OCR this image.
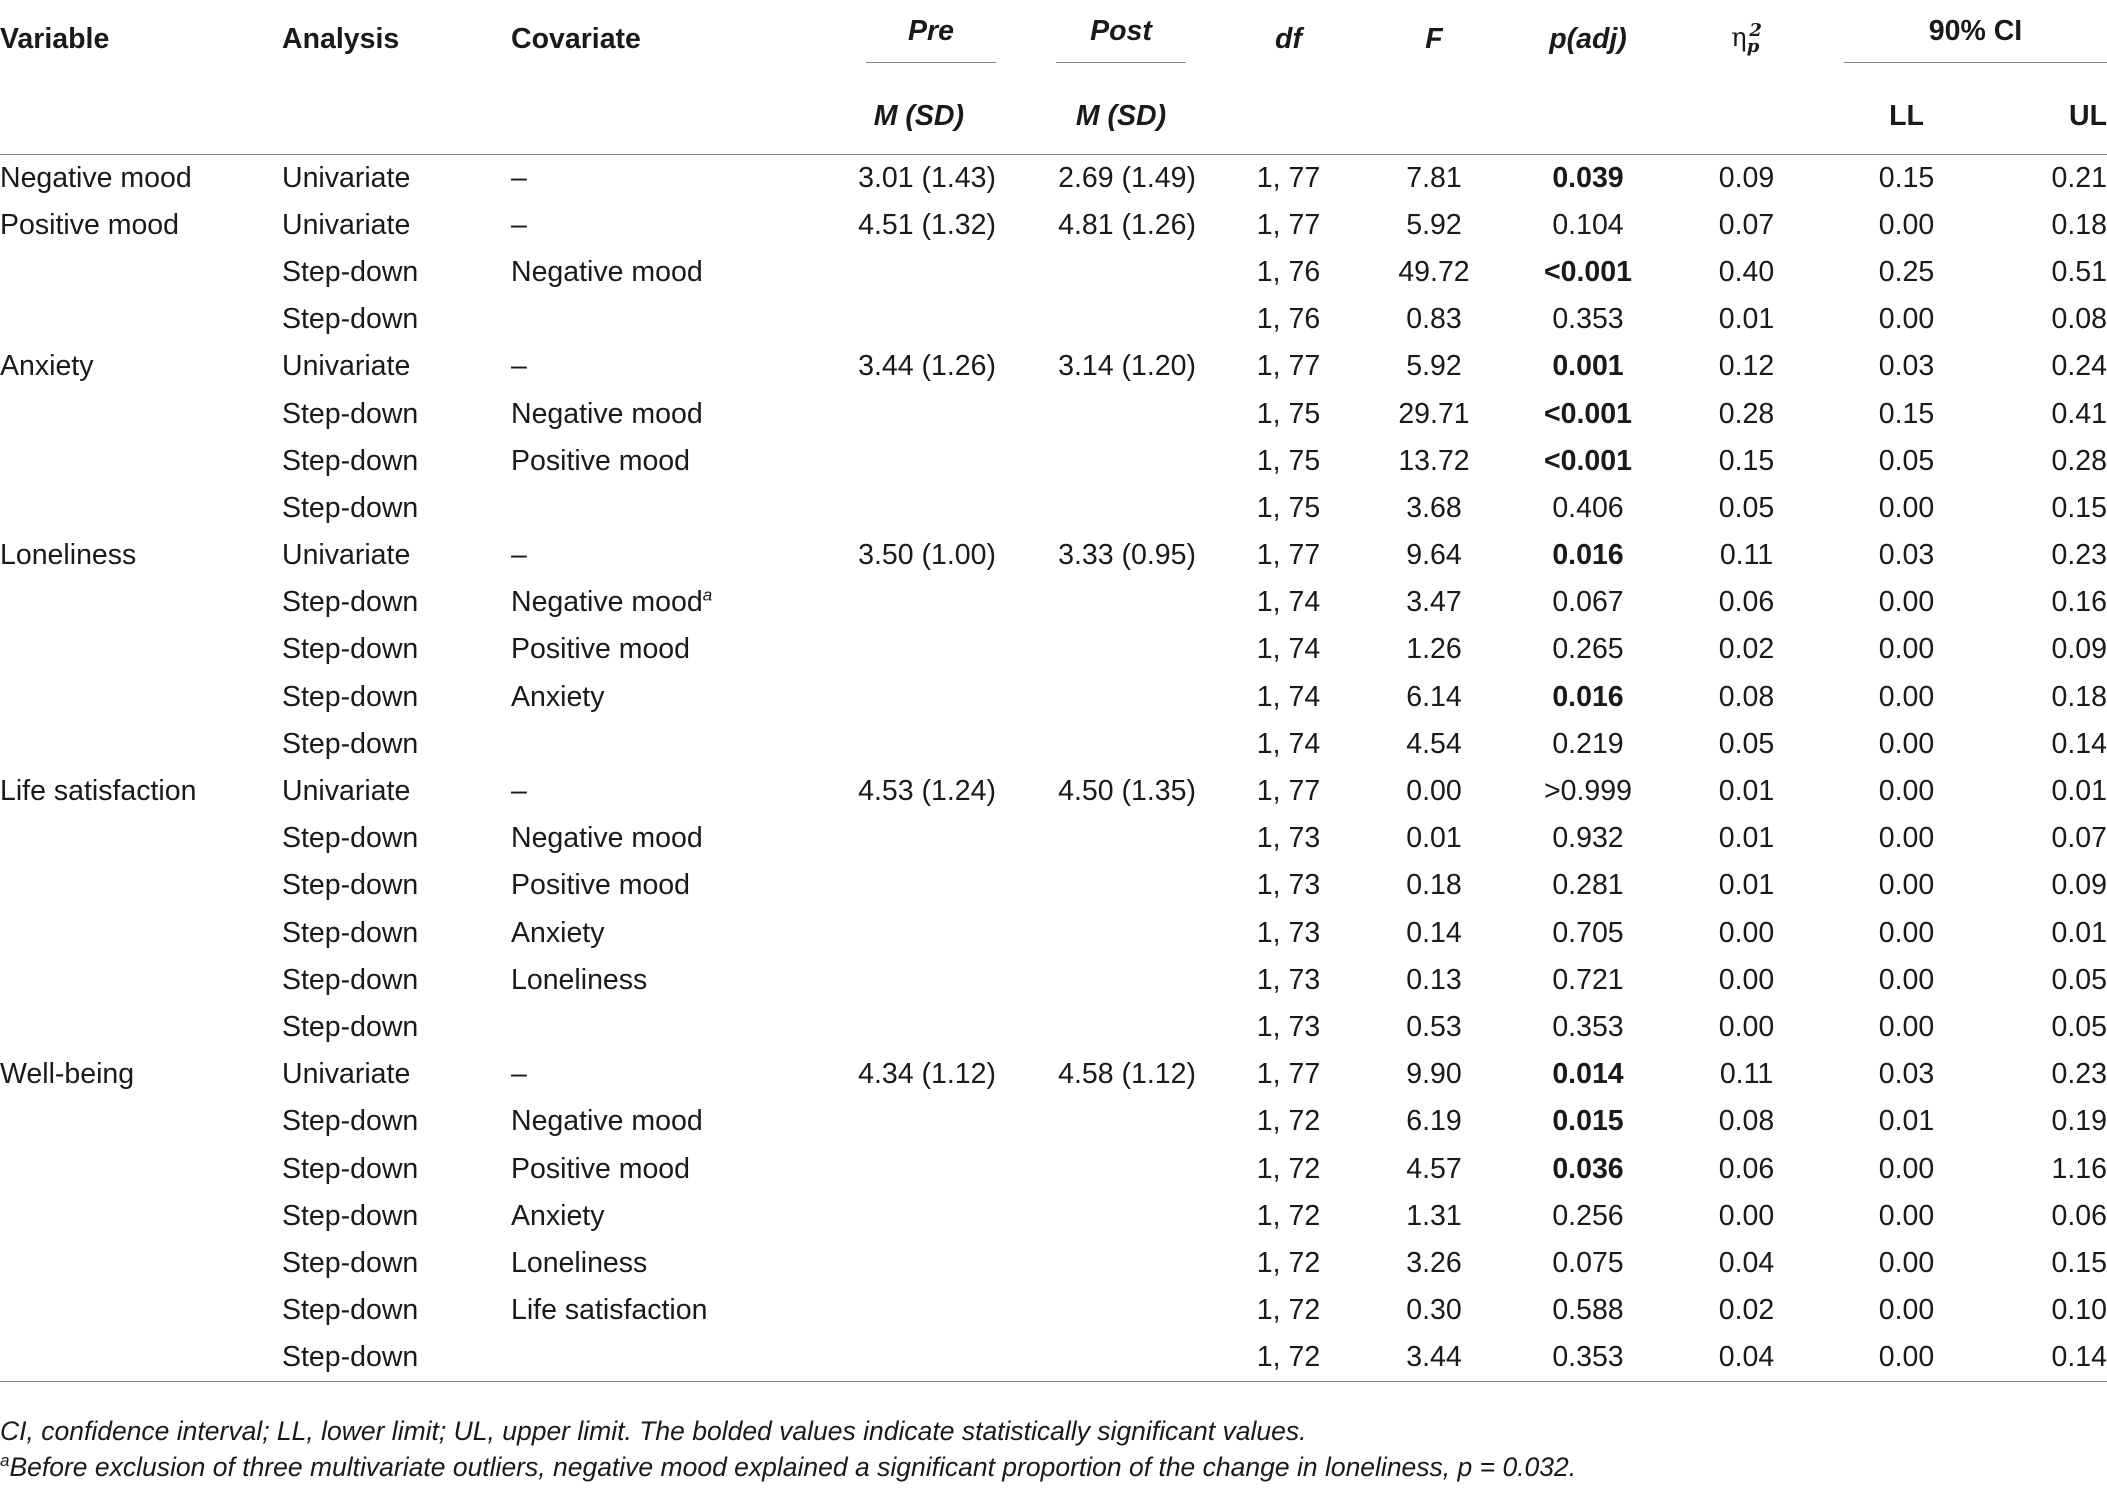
Variable	Analysis	Covariate	Pre	Post	df	F	p(adj)	$\eta_p^2$	90% CI	
			M (SD)	M (SD)					LL	UL
Negative mood	Univariate	–	3.01 (1.43)	2.69 (1.49)	1, 77	7.81	0.039	0.09	0.15	0.21
Positive mood	Univariate	–	4.51 (1.32)	4.81 (1.26)	1, 77	5.92	0.104	0.07	0.00	0.18
	Step-down	Negative mood			1, 76	49.72	<0.001	0.40	0.25	0.51
	Step-down				1, 76	0.83	0.353	0.01	0.00	0.08
Anxiety	Univariate	–	3.44 (1.26)	3.14 (1.20)	1, 77	5.92	0.001	0.12	0.03	0.24
	Step-down	Negative mood			1, 75	29.71	<0.001	0.28	0.15	0.41
	Step-down	Positive mood			1, 75	13.72	<0.001	0.15	0.05	0.28
	Step-down				1, 75	3.68	0.406	0.05	0.00	0.15
Loneliness	Univariate	–	3.50 (1.00)	3.33 (0.95)	1, 77	9.64	0.016	0.11	0.03	0.23
	Step-down	Negative mood$^a$			1, 74	3.47	0.067	0.06	0.00	0.16
	Step-down	Positive mood			1, 74	1.26	0.265	0.02	0.00	0.09
	Step-down	Anxiety			1, 74	6.14	0.016	0.08	0.00	0.18
	Step-down				1, 74	4.54	0.219	0.05	0.00	0.14
Life satisfaction	Univariate	–	4.53 (1.24)	4.50 (1.35)	1, 77	0.00	>0.999	0.01	0.00	0.01
	Step-down	Negative mood			1, 73	0.01	0.932	0.01	0.00	0.07
	Step-down	Positive mood			1, 73	0.18	0.281	0.01	0.00	0.09
	Step-down	Anxiety			1, 73	0.14	0.705	0.00	0.00	0.01
	Step-down	Loneliness			1, 73	0.13	0.721	0.00	0.00	0.05
	Step-down				1, 73	0.53	0.353	0.00	0.00	0.05
Well-being	Univariate	–	4.34 (1.12)	4.58 (1.12)	1, 77	9.90	0.014	0.11	0.03	0.23
	Step-down	Negative mood			1, 72	6.19	0.015	0.08	0.01	0.19
	Step-down	Positive mood			1, 72	4.57	0.036	0.06	0.00	1.16
	Step-down	Anxiety			1, 72	1.31	0.256	0.00	0.00	0.06
	Step-down	Loneliness			1, 72	3.26	0.075	0.04	0.00	0.15
	Step-down	Life satisfaction			1, 72	0.30	0.588	0.02	0.00	0.10
	Step-down				1, 72	3.44	0.353	0.04	0.00	0.14
CI, confidence interval; LL, lower limit; UL, upper limit. The bolded values indicate statistically significant values.
$^a$Before exclusion of three multivariate outliers, negative mood explained a significant proportion of the change in loneliness, p = 0.032.
